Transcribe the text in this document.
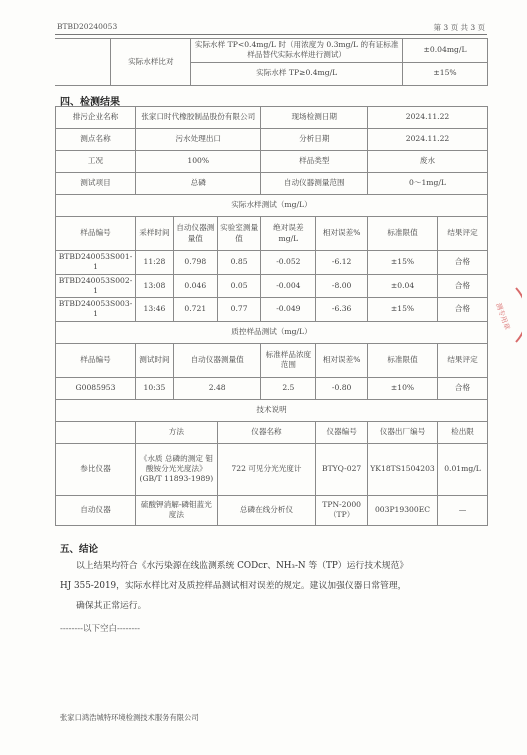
BTBD20240053	第 3 页 共 3 页
	实际水样比对	实际水样 TP<0.4mg/L 时（用浓度为 0.3mg/L 的有证标准样品替代实际水样进行测试）	±0.04mg/L
		实际水样 TP≥0.4mg/L	±15%
四、检测结果
排污企业名称	张家口时代橡胶制品股份有限公司			现场检测日期		2024.11.22	
测点名称	污水处理出口			分析日期		2024.11.22	
工况	100%			样品类型		废水	
测试项目	总磷			自动仪器测量范围		0～1mg/L	
实际水样测试（mg/L）							
样品编号	采样时间	自动仪器测量值	实验室测量值	绝对误差 mg/L	相对误差%	标准限值	结果评定
BTBD240053S001-1	11:28	0.798	0.85	-0.052	-6.12	±15%	合格
BTBD240053S002-1	13:08	0.046	0.05	-0.004	-8.00	±0.04	合格
BTBD240053S003-1	13:46	0.721	0.77	-0.049	-6.36	±15%	合格
质控样品测试（mg/L）							
样品编号	测试时间	自动仪器测量值		标准样品浓度范围	相对误差%	标准限值	结果评定
G0085953	10:35	2.48		2.5	-0.80	±10%	合格
技术说明							
	方法		仪器名称		仪器编号	仪器出厂编号	检出限
参比仪器	《水质 总磷的测定 钼酸铵分光光度法》(GB/T 11893-1989)		722 可见分光光度计		BTYQ-027	YK18TS1504203	0.01mg/L
自动仪器	硫酸钾消解-磷钼蓝光度法		总磷在线分析仪		TPN-2000（TP）	003P19300EC	—
五、结论
以上结果均符合《水污染源在线监测系统 CODcr、NH₃-N 等（TP）运行技术规范》
HJ 355-2019，实际水样比对及质控样品测试相对误差的规定。建议加强仪器日常管理，
确保其正常运行。
--------以下空白--------
测专用章
张家口鸿浩城特环境检测技术服务有限公司
